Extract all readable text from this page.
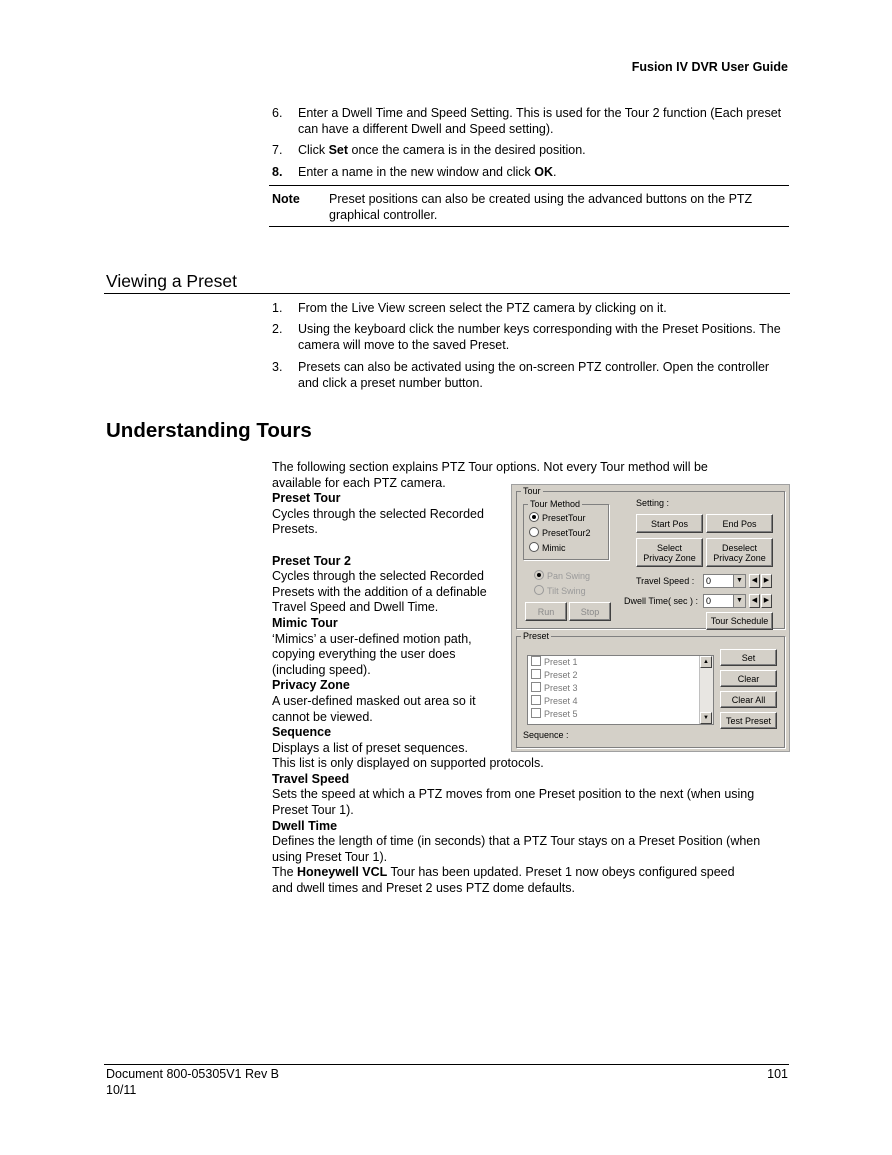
Fusion IV DVR User Guide
6. Enter a Dwell Time and Speed Setting. This is used for the Tour 2 function (Each preset can have a different Dwell and Speed setting).
7. Click Set once the camera is in the desired position.
8. Enter a name in the new window and click OK.
Note Preset positions can also be created using the advanced buttons on the PTZ graphical controller.
Viewing a Preset
1. From the Live View screen select the PTZ camera by clicking on it.
2. Using the keyboard click the number keys corresponding with the Preset Positions. The camera will move to the saved Preset.
3. Presets can also be activated using the on-screen PTZ controller. Open the controller and click a preset number button.
Understanding Tours
The following section explains PTZ Tour options. Not every Tour method will be
available for each PTZ camera.
Preset Tour
Cycles through the selected Recorded
Presets.
Preset Tour 2
Cycles through the selected Recorded
Presets with the addition of a definable
Travel Speed and Dwell Time.
Mimic Tour
‘Mimics’ a user-defined motion path,
copying everything the user does
(including speed).
Privacy Zone
A user-defined masked out area so it
cannot be viewed.
Sequence
Displays a list of preset sequences.
This list is only displayed on supported protocols.
Travel Speed
Sets the speed at which a PTZ moves from one Preset position to the next (when using
Preset Tour 1).
Dwell Time
Defines the length of time (in seconds) that a PTZ Tour stays on a Preset Position (when
using Preset Tour 1).
The Honeywell VCL Tour has been updated. Preset 1 now obeys configured speed
and dwell times and Preset 2 uses PTZ dome defaults.
Tour
Tour Method
PresetTour
PresetTour2
Mimic
Pan Swing
Tilt Swing
Run	Stop
Setting :
Start Pos	End Pos
Select
Privacy Zone
Deselect
Privacy Zone
Travel Speed :	0	▼	◀ ▶
Dwell Time( sec ) : 0	▼	◀ ▶
Tour Schedule
Preset
Preset 1
Preset 2
Preset 3
Preset 4
Preset 5
▲
▼
Set
Clear
Clear All
Test Preset
Sequence :
Document 800-05305V1 Rev B
10/11
101
